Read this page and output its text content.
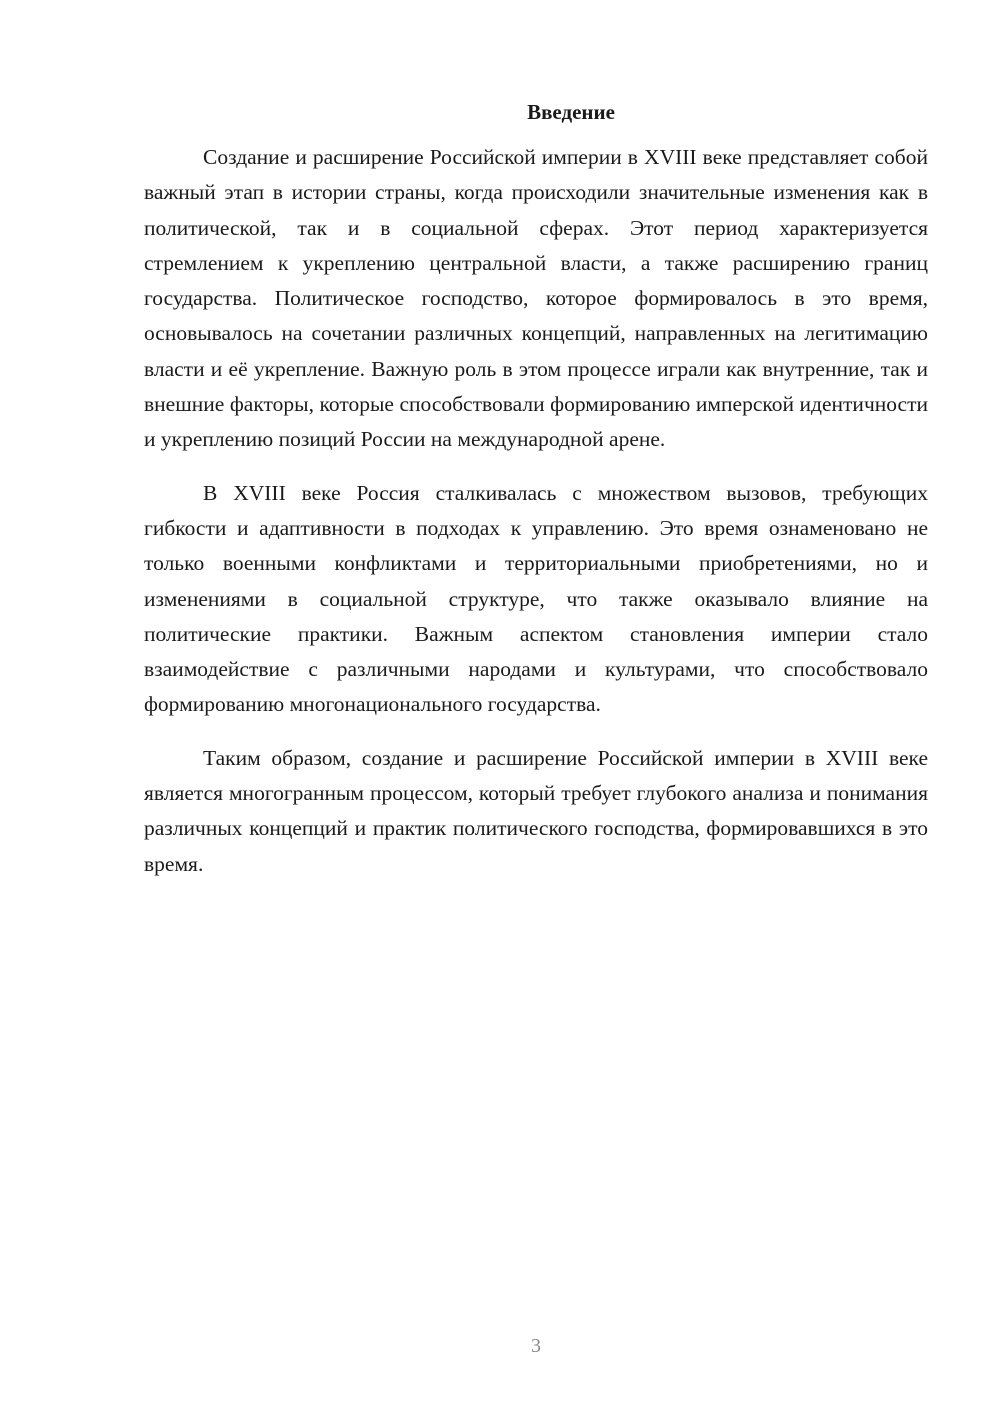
Введение

Создание и расширение Российской империи в XVIII веке представляет собой важный этап в истории страны, когда происходили значительные изменения как в политической, так и в социальной сферах. Этот период характеризуется стремлением к укреплению центральной власти, а также расширению границ государства. Политическое господство, которое формировалось в это время, основывалось на сочетании различных концепций, направленных на легитимацию власти и её укрепление. Важную роль в этом процессе играли как внутренние, так и внешние факторы, которые способствовали формированию имперской идентичности и укреплению позиций России на международной арене.

В XVIII веке Россия сталкивалась с множеством вызовов, требующих гибкости и адаптивности в подходах к управлению. Это время ознаменовано не только военными конфликтами и территориальными приобретениями, но и изменениями в социальной структуре, что также оказывало влияние на политические практики. Важным аспектом становления империи стало взаимодействие с различными народами и культурами, что способствовало формированию многонационального государства.

Таким образом, создание и расширение Российской империи в XVIII веке является многогранным процессом, который требует глубокого анализа и понимания различных концепций и практик политического господства, формировавшихся в это время.

3
